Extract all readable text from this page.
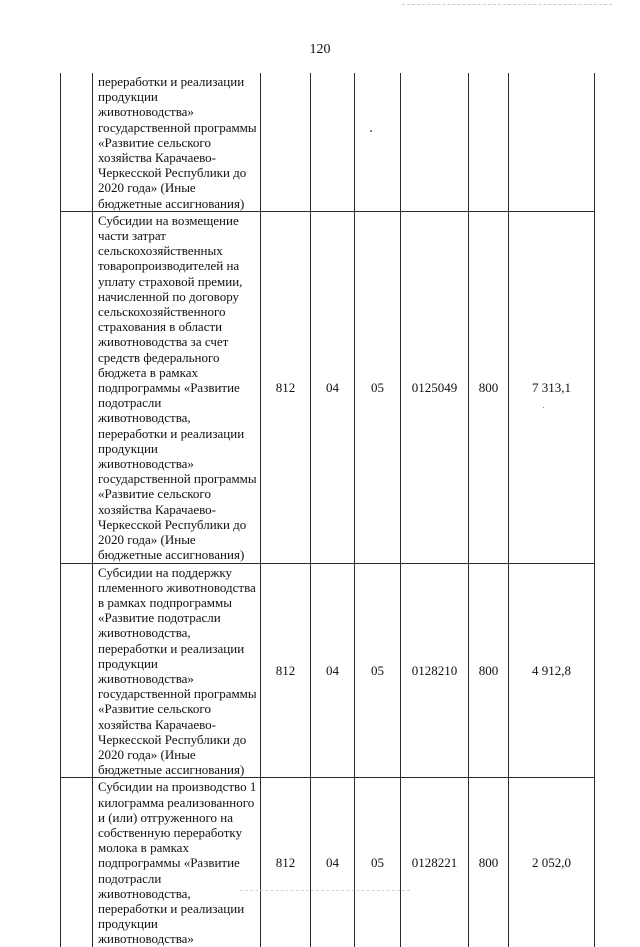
120
	переработки и реализации продукции животноводства» государственной программы «Развитие сельского хозяйства Карачаево-Черкесской Республики до 2020 года» (Иные бюджетные ассигнования)						
	Субсидии на возмещение части затрат сельскохозяйственных товаропроизводителей на уплату страховой премии, начисленной по договору сельскохозяйственного страхования в области животноводства за счет средств федерального бюджета в рамках подпрограммы «Развитие подотрасли животноводства, переработки и реализации продукции животноводства» государственной программы «Развитие сельского хозяйства Карачаево-Черкесской Республики до 2020 года» (Иные бюджетные ассигнования)	812	04	05	0125049	800	7 313,1
	Субсидии на поддержку племенного животноводства в рамках подпрограммы «Развитие подотрасли животноводства, переработки и реализации продукции животноводства» государственной программы «Развитие сельского хозяйства Карачаево-Черкесской Республики до 2020 года» (Иные бюджетные ассигнования)	812	04	05	0128210	800	4 912,8
	Субсидии на производство 1 килограмма реализованного и (или) отгруженного на собственную переработку молока в рамках подпрограммы «Развитие подотрасли животноводства, переработки и реализации продукции животноводства»	812	04	05	0128221	800	2 052,0
